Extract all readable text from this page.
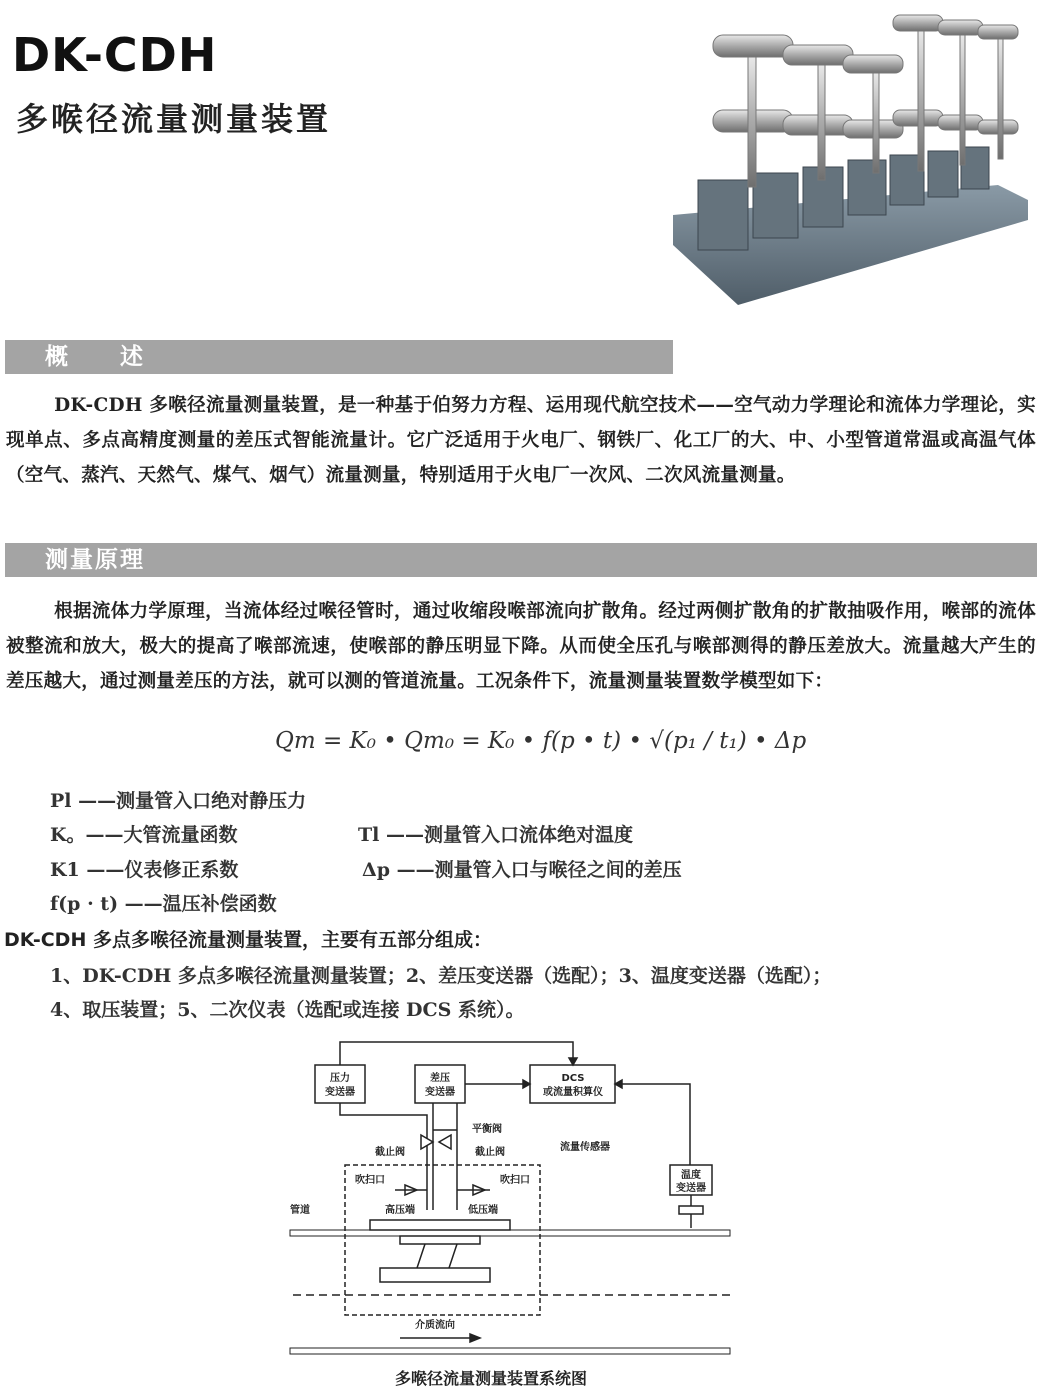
DK-CDH
多喉径流量测量装置
概 述
DK-CDH 多喉径流量测量装置，是一种基于伯努力方程、运用现代航空技术——空气动力学理论和流体力学理论，实现单点、多点高精度测量的差压式智能流量计。它广泛适用于火电厂、钢铁厂、化工厂的大、中、小型管道常温或高温气体（空气、蒸汽、天然气、煤气、烟气）流量测量，特别适用于火电厂一次风、二次风流量测量。
测量原理
根据流体力学原理，当流体经过喉径管时，通过收缩段喉部流向扩散角。经过两侧扩散角的扩散抽吸作用，喉部的流体被整流和放大，极大的提高了喉部流速，使喉部的静压明显下降。从而使全压孔与喉部测得的静压差放大。流量越大产生的差压越大，通过测量差压的方法，就可以测的管道流量。工况条件下，流量测量装置数学模型如下：
Qm = K₀ • Qm₀ = K₀ • f(p • t) • √(p₁ / t₁) • Δp
Pl ——测量管入口绝对静压力
K。——大管流量函数	Tl ——测量管入口流体绝对温度
K1 ——仪表修正系数	Δp ——测量管入口与喉径之间的差压
f(p · t) ——温压补偿函数
DK-CDH 多点多喉径流量测量装置，主要有五部分组成：
1、DK-CDH 多点多喉径流量测量装置；2、差压变送器（选配）；3、温度变送器（选配）；
4、取压装置；5、二次仪表（选配或连接 DCS 系统）。
压力
变送器
差压
变送器
DCS
或流量积算仪
温度
变送器
平衡阀
截止阀	截止阀	流量传感器
吹扫口	吹扫口
高压端	低压端
管道
介质流向
多喉径流量测量装置系统图
